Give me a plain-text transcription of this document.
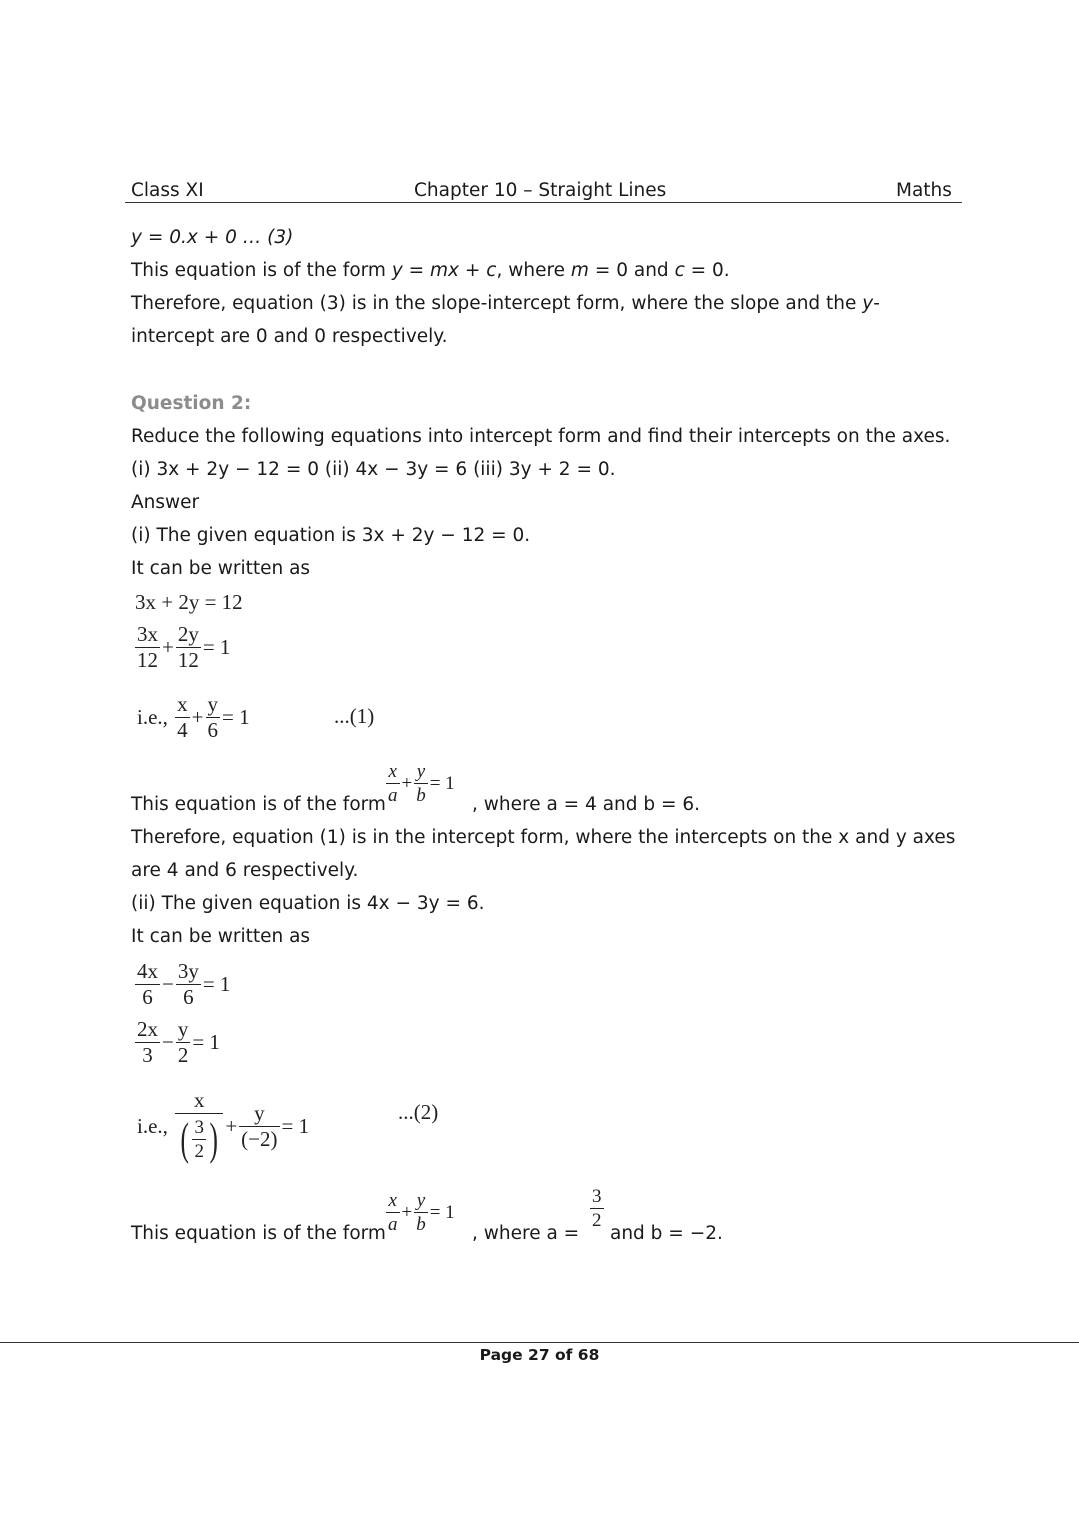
Class XI	Chapter 10 – Straight Lines	Maths
y = 0.x + 0 … (3)
This equation is of the form y = mx + c, where m = 0 and c = 0.
Therefore, equation (3) is in the slope-intercept form, where the slope and the y-
intercept are 0 and 0 respectively.
Question 2:
Reduce the following equations into intercept form and find their intercepts on the axes.
(i) 3x + 2y − 12 = 0 (ii) 4x − 3y = 6 (iii) 3y + 2 = 0.
Answer
(i) The given equation is 3x + 2y − 12 = 0.
It can be written as
3x + 2y = 12
$\frac{3x}{12} + \frac{2y}{12} = 1$
i.e., $\frac{x}{4} + \frac{y}{6} = 1$	...(1)
This equation is of the form $\frac{x}{a} + \frac{y}{b} = 1$
, where a = 4 and b = 6.
Therefore, equation (1) is in the intercept form, where the intercepts on the x and y axes
are 4 and 6 respectively.
(ii) The given equation is 4x − 3y = 6.
It can be written as
$\frac{4x}{6} - \frac{3y}{6} = 1$
$\frac{2x}{3} - \frac{y}{2} = 1$
i.e., $\frac{x}{( \frac{3}{2} )} + \frac{y}{(-2)} = 1$
...(2)
This equation is of the form $\frac{x}{a} + \frac{y}{b} = 1$
, where a =
$\frac{3}{2}$
and b = −2.
Page 27 of 68
